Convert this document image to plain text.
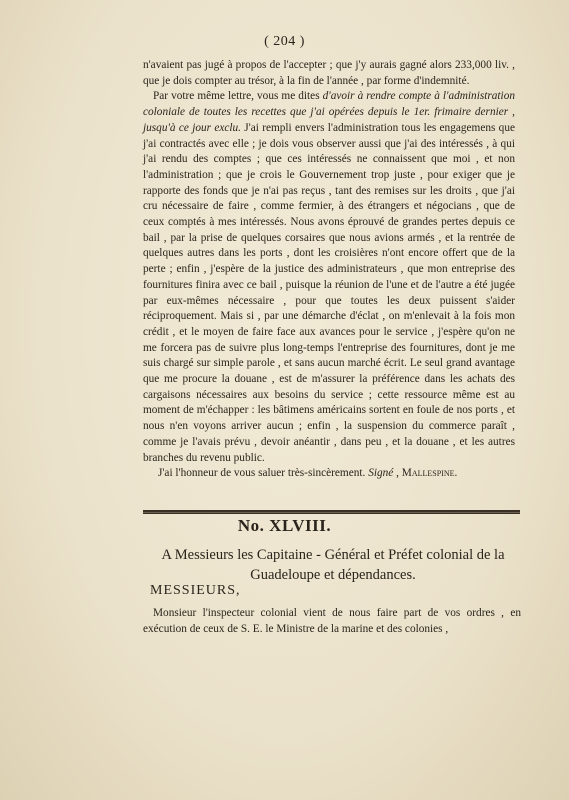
( 204 )

n'avaient pas jugé à propos de l'accepter ; que j'y aurais gagné alors 233,000 liv. , que je dois compter au trésor, à la fin de l'année , par forme d'indemnité.

Par votre même lettre, vous me dites d'avoir à rendre compte à l'administration coloniale de toutes les recettes que j'ai opérées depuis le 1er. frimaire dernier , jusqu'à ce jour exclu. J'ai rempli envers l'administration tous les engagemens que j'ai contractés avec elle ; je dois vous observer aussi que j'ai des intéressés , à qui j'ai rendu des comptes ; que ces intéressés ne connaissent que moi , et non l'administration ; que je crois le Gouvernement trop juste , pour exiger que je rapporte des fonds que je n'ai pas reçus , tant des remises sur les droits , que j'ai cru nécessaire de faire , comme fermier, à des étrangers et négocians , que de ceux comptés à mes intéressés. Nous avons éprouvé de grandes pertes depuis ce bail , par la prise de quelques corsaires que nous avions armés , et la rentrée de quelques autres dans les ports , dont les croisières n'ont encore offert que de la perte ; enfin , j'espère de la justice des administrateurs , que mon entreprise des fournitures finira avec ce bail , puisque la réunion de l'une et de l'autre a été jugée par eux-mêmes nécessaire , pour que toutes les deux puissent s'aider réciproquement. Mais si , par une démarche d'éclat , on m'enlevait à la fois mon crédit , et le moyen de faire face aux avances pour le service , j'espère qu'on ne me forcera pas de suivre plus long-temps l'entreprise des fournitures, dont je me suis chargé sur simple parole , et sans aucun marché écrit. Le seul grand avantage que me procure la douane , est de m'assurer la préférence dans les achats des cargaisons nécessaires aux besoins du service ; cette ressource même est au moment de m'échapper : les bâtimens américains sortent en foule de nos ports , et nous n'en voyons arriver aucun ; enfin , la suspension du commerce paraît , comme je l'avais prévu , devoir anéantir , dans peu , et la douane , et les autres branches du revenu public.

J'ai l'honneur de vous saluer très-sincèrement. Signé , Mallespine.

No. XLVIII.
A Messieurs les Capitaine - Général et Préfet colonial de la Guadeloupe et dépendances.
MESSIEURS,

Monsieur l'inspecteur colonial vient de nous faire part de vos ordres , en exécution de ceux de S. E. le Ministre de la marine et des colonies ,
